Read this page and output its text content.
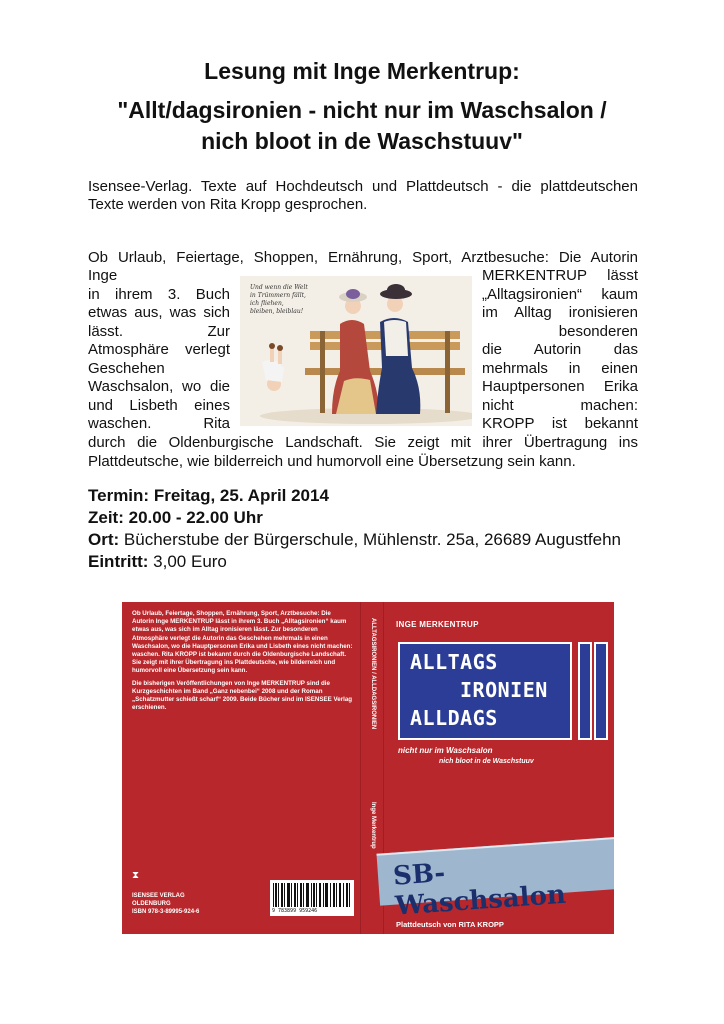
Lesung mit Inge Merkentrup:
"Allt/dagsironien - nicht nur im Waschsalon /
nich bloot in de Waschstuuv"
Isensee-Verlag. Texte auf Hochdeutsch und Plattdeutsch - die plattdeutschen Texte werden von Rita Kropp gesprochen.
Ob Urlaub, Feiertage, Shoppen, Ernährung, Sport, Arztbesuche: Die Autorin
Inge
in ihrem 3. Buch
etwas aus, was sich
lässt. Zur
Atmosphäre verlegt
Geschehen
Waschsalon, wo die
und Lisbeth eines
waschen. Rita
MERKENTRUP lässt
„Alltagsironien“ kaum
im Alltag ironisieren
besonderen
die Autorin das
mehrmals in einen
Hauptpersonen Erika
nicht machen:
KROPP ist bekannt
durch die Oldenburgische Landschaft. Sie zeigt mit ihrer Übertragung ins
Plattdeutsche, wie bilderreich und humorvoll eine Übersetzung sein kann.
Und wenn die Welt
in Trümmern fällt,
ich fliehen,
bleiben, bleiblau!
Termin: Freitag, 25. April 2014
Zeit: 20.00 - 22.00 Uhr
Ort: Bücherstube der Bürgerschule, Mühlenstr. 25a, 26689 Augustfehn
Eintritt: 3,00 Euro

Ob Urlaub, Feiertage, Shoppen, Ernährung, Sport, Arztbesuche: Die Autorin Inge MERKENTRUP lässt in ihrem 3. Buch „Alltagsironien“ kaum etwas aus, was sich im Alltag ironisieren lässt. Zur besonderen Atmosphäre verlegt die Autorin das Geschehen mehrmals in einen Waschsalon, wo die Hauptpersonen Erika und Lisbeth eines nicht machen: waschen. Rita KROPP ist bekannt durch die Oldenburgische Landschaft. Sie zeigt mit ihrer Übertragung ins Plattdeutsche, wie bilderreich und humorvoll eine Übersetzung sein kann.

Die bisherigen Veröffentlichungen von Inge MERKENTRUP sind die Kurzgeschichten im Band „Ganz nebenbei“ 2008 und der Roman „Schatzmutter schießt scharf“ 2009. Beide Bücher sind im ISENSEE Verlag erschienen.

⧗
ISENSEE VERLAG
OLDENBURG
ISBN 978-3-89995-924-6	9 783899 959246
ALLTAGSIRONIEN / ALLDAGSIRONIEN
Inge Merkentrup
INGE MERKENTRUP
ALLTAGS
IRONIEN
ALLDAGS
nicht nur im Waschsalon
nich bloot in de Waschstuuv
SB-Waschsalon
Plattdeutsch von RITA KROPP
